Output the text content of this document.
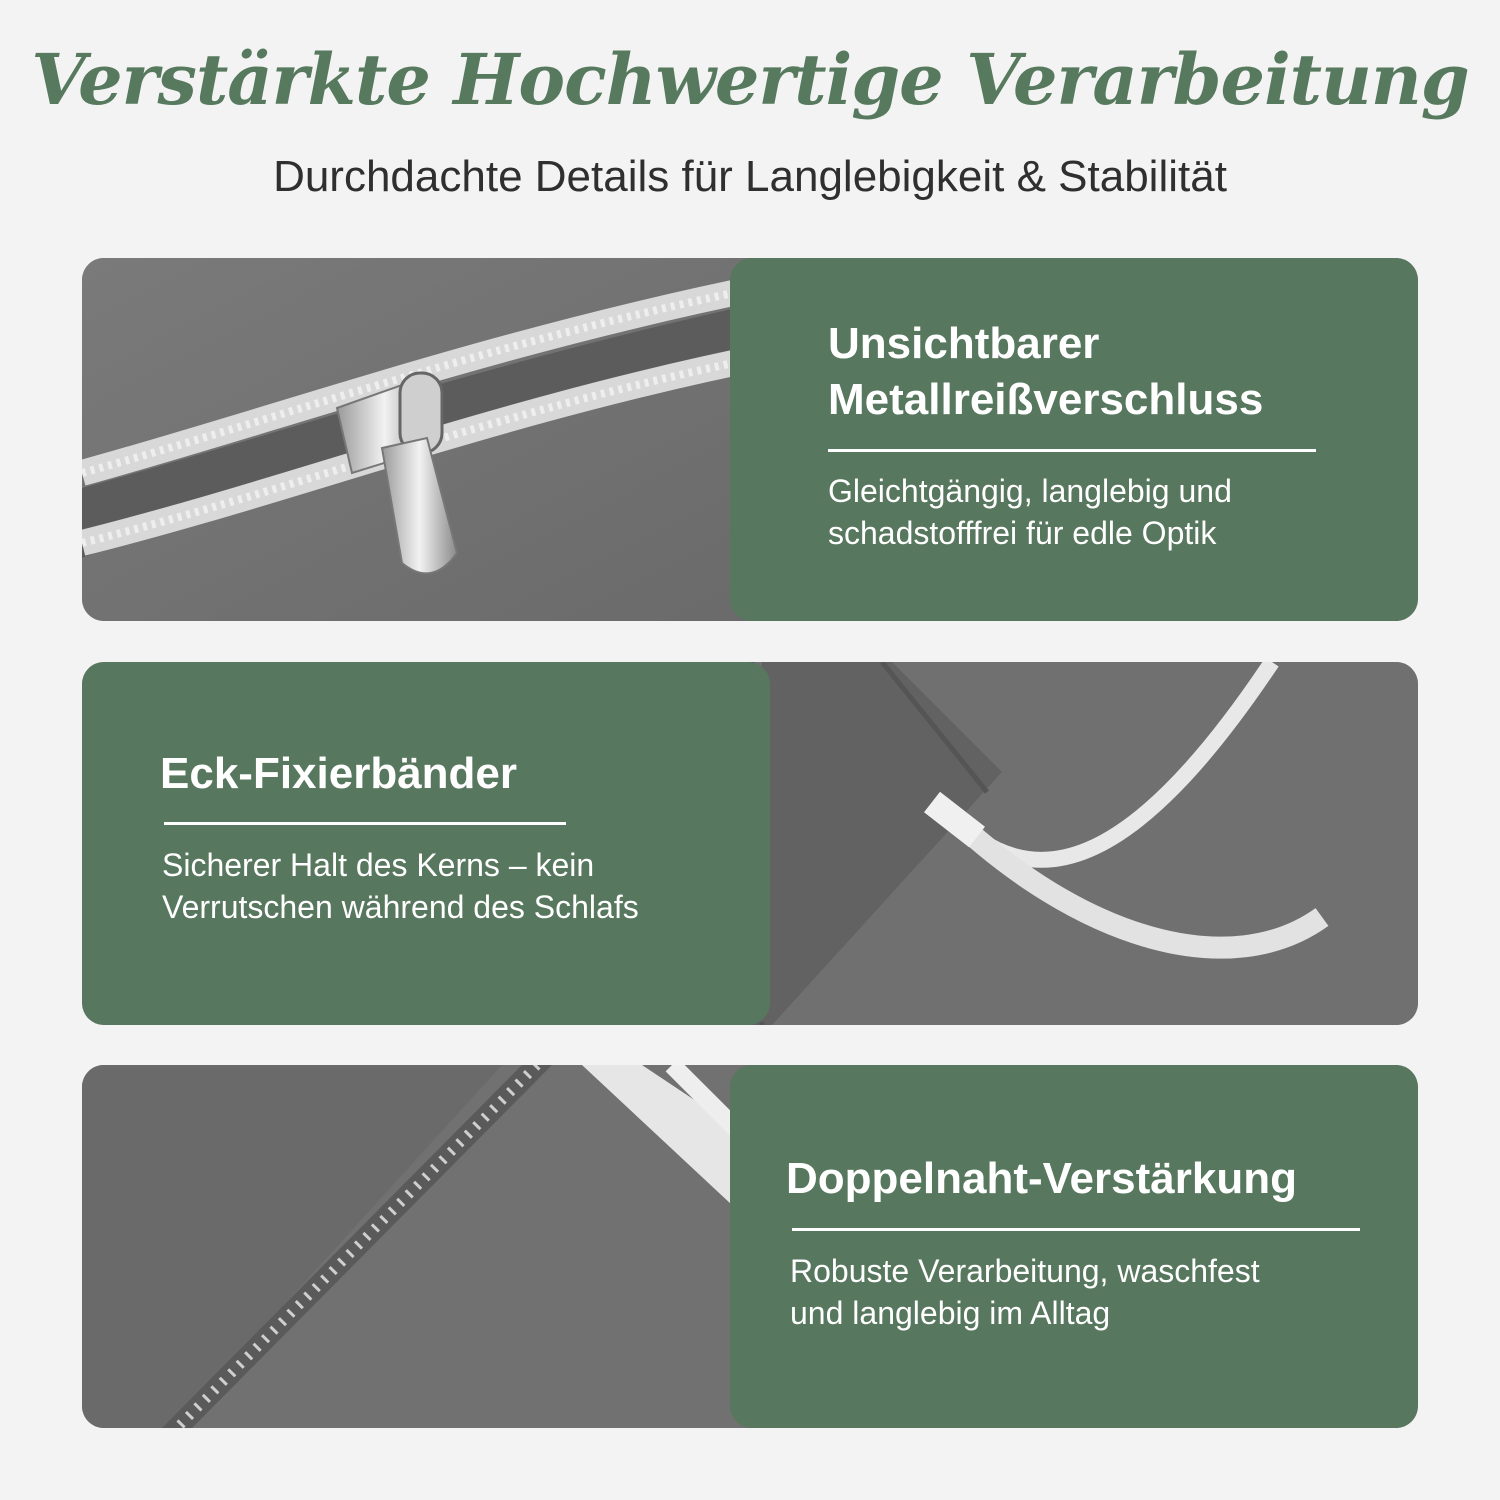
Verstärkte Hochwertige Verarbeitung
Durchdachte Details für Langlebigkeit & Stabilität
Unsichtbarer
Metallreißverschluss

Gleichtgängig, langlebig und
schadstofffrei für edle Optik

Eck-Fixierbänder

Sicherer Halt des Kerns – kein
Verrutschen während des Schlafs

Doppelnaht-Verstärkung

Robuste Verarbeitung, waschfest
und langlebig im Alltag
